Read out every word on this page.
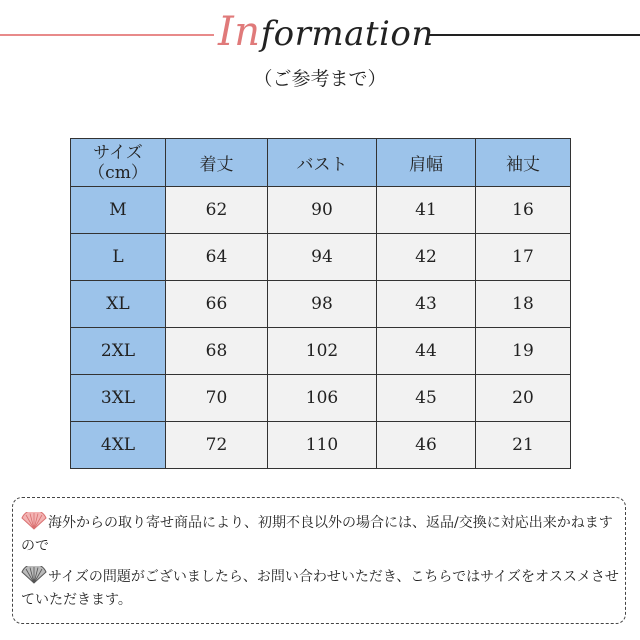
Information
（ご参考まで）
サイズ
（cm）	着丈	バスト	肩幅	袖丈
M	62	90	41	16
L	64	94	42	17
XL	66	98	43	18
2XL	68	102	44	19
3XL	70	106	45	20
4XL	72	110	46	21
海外からの取り寄せ商品により、初期不良以外の場合には、返品/交換に対応出来かねますので
サイズの問題がございましたら、お問い合わせいただき、こちらではサイズをオススメさせていただきます。
